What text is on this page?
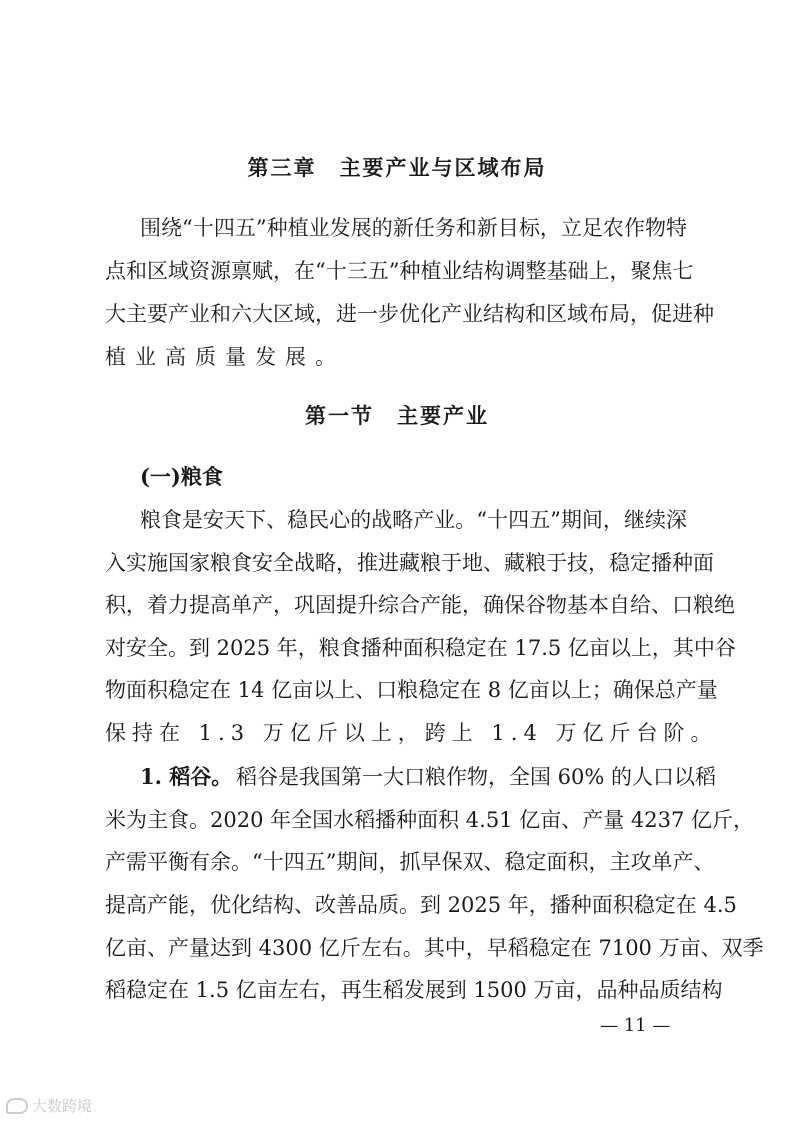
第三章　主要产业与区域布局
围绕“十四五”种植业发展的新任务和新目标，立足农作物特
点和区域资源禀赋，在“十三五”种植业结构调整基础上，聚焦七
大主要产业和六大区域，进一步优化产业结构和区域布局，促进种
植业高质量发展。
第一节　主要产业
(一)粮食
粮食是安天下、稳民心的战略产业。“十四五”期间，继续深
入实施国家粮食安全战略，推进藏粮于地、藏粮于技，稳定播种面
积，着力提高单产，巩固提升综合产能，确保谷物基本自给、口粮绝
对安全。到 2025 年，粮食播种面积稳定在 17.5 亿亩以上，其中谷
物面积稳定在 14 亿亩以上、口粮稳定在 8 亿亩以上；确保总产量
保持在 1.3 万亿斤以上，跨上 1.4 万亿斤台阶。
1. 稻谷。 稻谷是我国第一大口粮作物，全国 60% 的人口以稻
米为主食。2020 年全国水稻播种面积 4.51 亿亩、产量 4237 亿斤，
产需平衡有余。“十四五”期间，抓早保双、稳定面积，主攻单产、
提高产能，优化结构、改善品质。到 2025 年，播种面积稳定在 4.5
亿亩、产量达到 4300 亿斤左右。其中，早稻稳定在 7100 万亩、双季
稻稳定在 1.5 亿亩左右，再生稻发展到 1500 万亩，品种品质结构
— 11 —
大数跨境
